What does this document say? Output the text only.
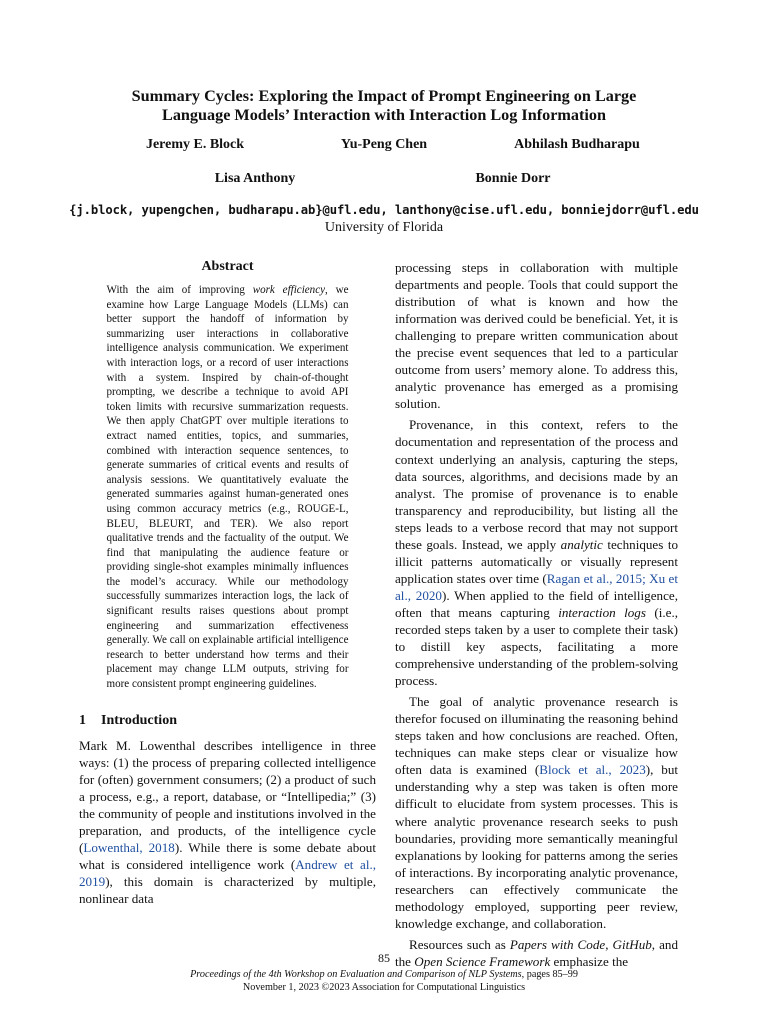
Summary Cycles: Exploring the Impact of Prompt Engineering on Large
Language Models’ Interaction with Interaction Log Information
Jeremy E. Block	Yu-Peng Chen	Abhilash Budharapu
Lisa Anthony	Bonnie Dorr
{j.block, yupengchen, budharapu.ab}@ufl.edu, lanthony@cise.ufl.edu, bonniejdorr@ufl.edu
University of Florida
Abstract

With the aim of improving work efficiency, we examine how Large Language Models (LLMs) can better support the handoff of information by summarizing user interactions in collaborative intelligence analysis communication. We experiment with interaction logs, or a record of user interactions with a system. Inspired by chain-of-thought prompting, we describe a technique to avoid API token limits with recursive summarization requests. We then apply ChatGPT over multiple iterations to extract named entities, topics, and summaries, combined with interaction sequence sentences, to generate summaries of critical events and results of analysis sessions. We quantitatively evaluate the generated summaries against human-generated ones using common accuracy metrics (e.g., ROUGE-L, BLEU, BLEURT, and TER). We also report qualitative trends and the factuality of the output. We find that manipulating the audience feature or providing single-shot examples minimally influences the model’s accuracy. While our methodology successfully summarizes interaction logs, the lack of significant results raises questions about prompt engineering and summarization effectiveness generally. We call on explainable artificial intelligence research to better understand how terms and their placement may change LLM outputs, striving for more consistent prompt engineering guidelines.

1 Introduction

Mark M. Lowenthal describes intelligence in three ways: (1) the process of preparing collected intelligence for (often) government consumers; (2) a product of such a process, e.g., a report, database, or “Intellipedia;” (3) the community of people and institutions involved in the preparation, and products, of the intelligence cycle (Lowenthal, 2018). While there is some debate about what is considered intelligence work (Andrew et al., 2019), this domain is characterized by multiple, nonlinear data

processing steps in collaboration with multiple departments and people. Tools that could support the distribution of what is known and how the information was derived could be beneficial. Yet, it is challenging to prepare written communication about the precise event sequences that led to a particular outcome from users’ memory alone. To address this, analytic provenance has emerged as a promising solution.

Provenance, in this context, refers to the documentation and representation of the process and context underlying an analysis, capturing the steps, data sources, algorithms, and decisions made by an analyst. The promise of provenance is to enable transparency and reproducibility, but listing all the steps leads to a verbose record that may not support these goals. Instead, we apply analytic techniques to illicit patterns automatically or visually represent application states over time (Ragan et al., 2015; Xu et al., 2020). When applied to the field of intelligence, often that means capturing interaction logs (i.e., recorded steps taken by a user to complete their task) to distill key aspects, facilitating a more comprehensive understanding of the problem-solving process.

The goal of analytic provenance research is therefor focused on illuminating the reasoning behind steps taken and how conclusions are reached. Often, techniques can make steps clear or visualize how often data is examined (Block et al., 2023), but understanding why a step was taken is often more difficult to elucidate from system processes. This is where analytic provenance research seeks to push boundaries, providing more semantically meaningful explanations by looking for patterns among the series of interactions. By incorporating analytic provenance, researchers can effectively communicate the methodology employed, supporting peer review, knowledge exchange, and collaboration.

Resources such as Papers with Code, GitHub, and the Open Science Framework emphasize the

85
Proceedings of the 4th Workshop on Evaluation and Comparison of NLP Systems, pages 85–99
November 1, 2023 ©2023 Association for Computational Linguistics
